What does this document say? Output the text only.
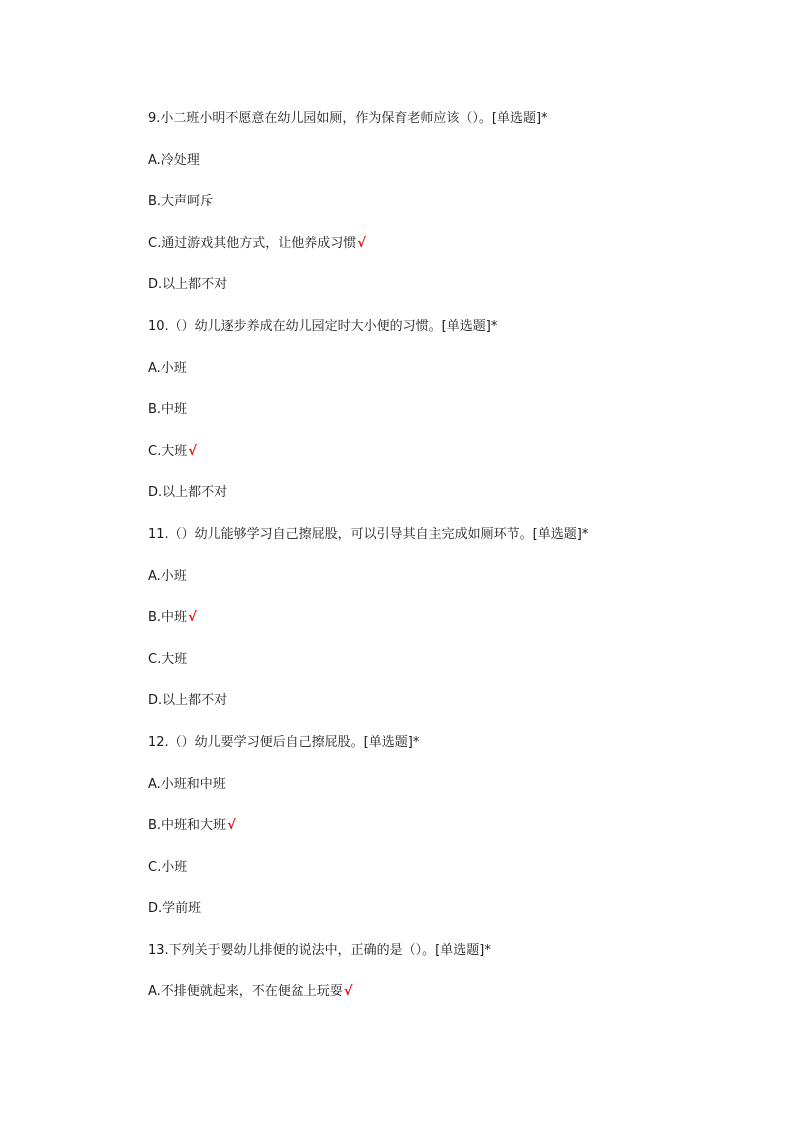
9.小二班小明不愿意在幼儿园如厕，作为保育老师应该（）。[单选题]*
A.冷处理
B.大声呵斥
C.通过游戏其他方式，让他养成习惯√
D.以上都不对
10.（）幼儿逐步养成在幼儿园定时大小便的习惯。[单选题]*
A.小班
B.中班
C.大班√
D.以上都不对
11.（）幼儿能够学习自己擦屁股，可以引导其自主完成如厕环节。[单选题]*
A.小班
B.中班√
C.大班
D.以上都不对
12.（）幼儿要学习便后自己擦屁股。[单选题]*
A.小班和中班
B.中班和大班√
C.小班
D.学前班
13.下列关于婴幼儿排便的说法中，正确的是（）。[单选题]*
A.不排便就起来，不在便盆上玩耍√
